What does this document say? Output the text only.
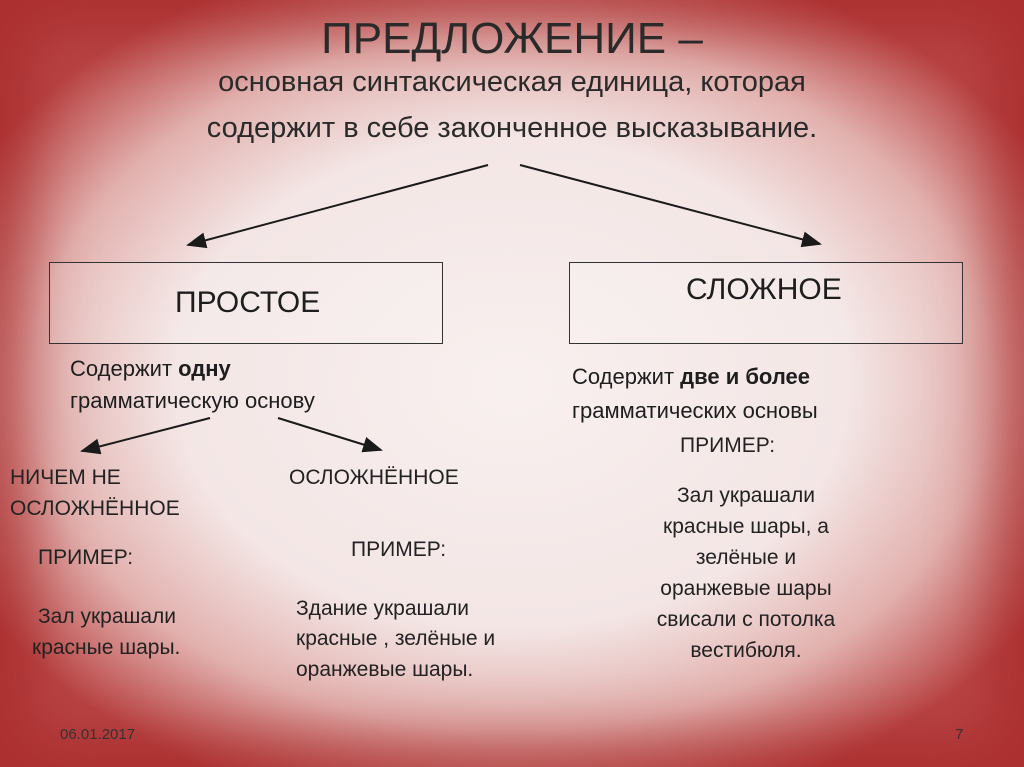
ПРЕДЛОЖЕНИЕ –
основная синтаксическая единица, которая
содержит в себе законченное высказывание.
ПРОСТОЕ	СЛОЖНОЕ
Содержит одну
грамматическую основу
Содержит две и более
грамматических основы
ПРИМЕР:
НИЧЕМ НЕ
ОСЛОЖНЁННОЕ
ПРИМЕР:
Зал украшали
красные шары.
ОСЛОЖНЁННОЕ
ПРИМЕР:
Здание украшали
красные , зелёные и
оранжевые шары.
Зал украшали
красные шары, а
зелёные и
оранжевые шары
свисали с потолка
вестибюля.
06.01.2017	7
